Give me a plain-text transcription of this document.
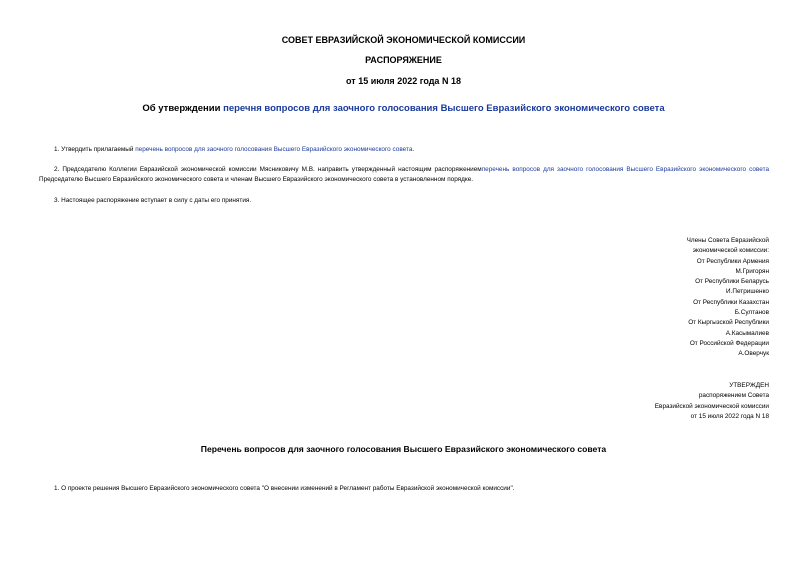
СОВЕТ ЕВРАЗИЙСКОЙ ЭКОНОМИЧЕСКОЙ КОМИССИИ
РАСПОРЯЖЕНИЕ
от 15 июля 2022 года N 18
Об утверждении перечня вопросов для заочного голосования Высшего Евразийского экономического совета
1. Утвердить прилагаемый перечень вопросов для заочного голосования Высшего Евразийского экономического совета.
2. Председателю Коллегии Евразийской экономической комиссии Мясниковичу М.В. направить утвержденный настоящим распоряжениемперечень вопросов для заочного голосования Высшего Евразийского экономического совета Председателю Высшего Евразийского экономического совета и членам Высшего Евразийского экономического совета в установленном порядке.
3. Настоящее распоряжение вступает в силу с даты его принятия.
Члены Совета Евразийской
экономической комиссии:
От Республики Армения
М.Григорян
От Республики Беларусь
И.Петришенко
От Республики Казахстан
Б.Султанов
От Кыргызской Республики
А.Касымалиев
От Российской Федерации
А.Оверчук
УТВЕРЖДЕН
распоряжением Совета
Евразийской экономической комиссии
от 15 июля 2022 года N 18
Перечень вопросов для заочного голосования Высшего Евразийского экономического совета
1. О проекте решения Высшего Евразийского экономического совета "О внесении изменений в Регламент работы Евразийской экономической комиссии".
